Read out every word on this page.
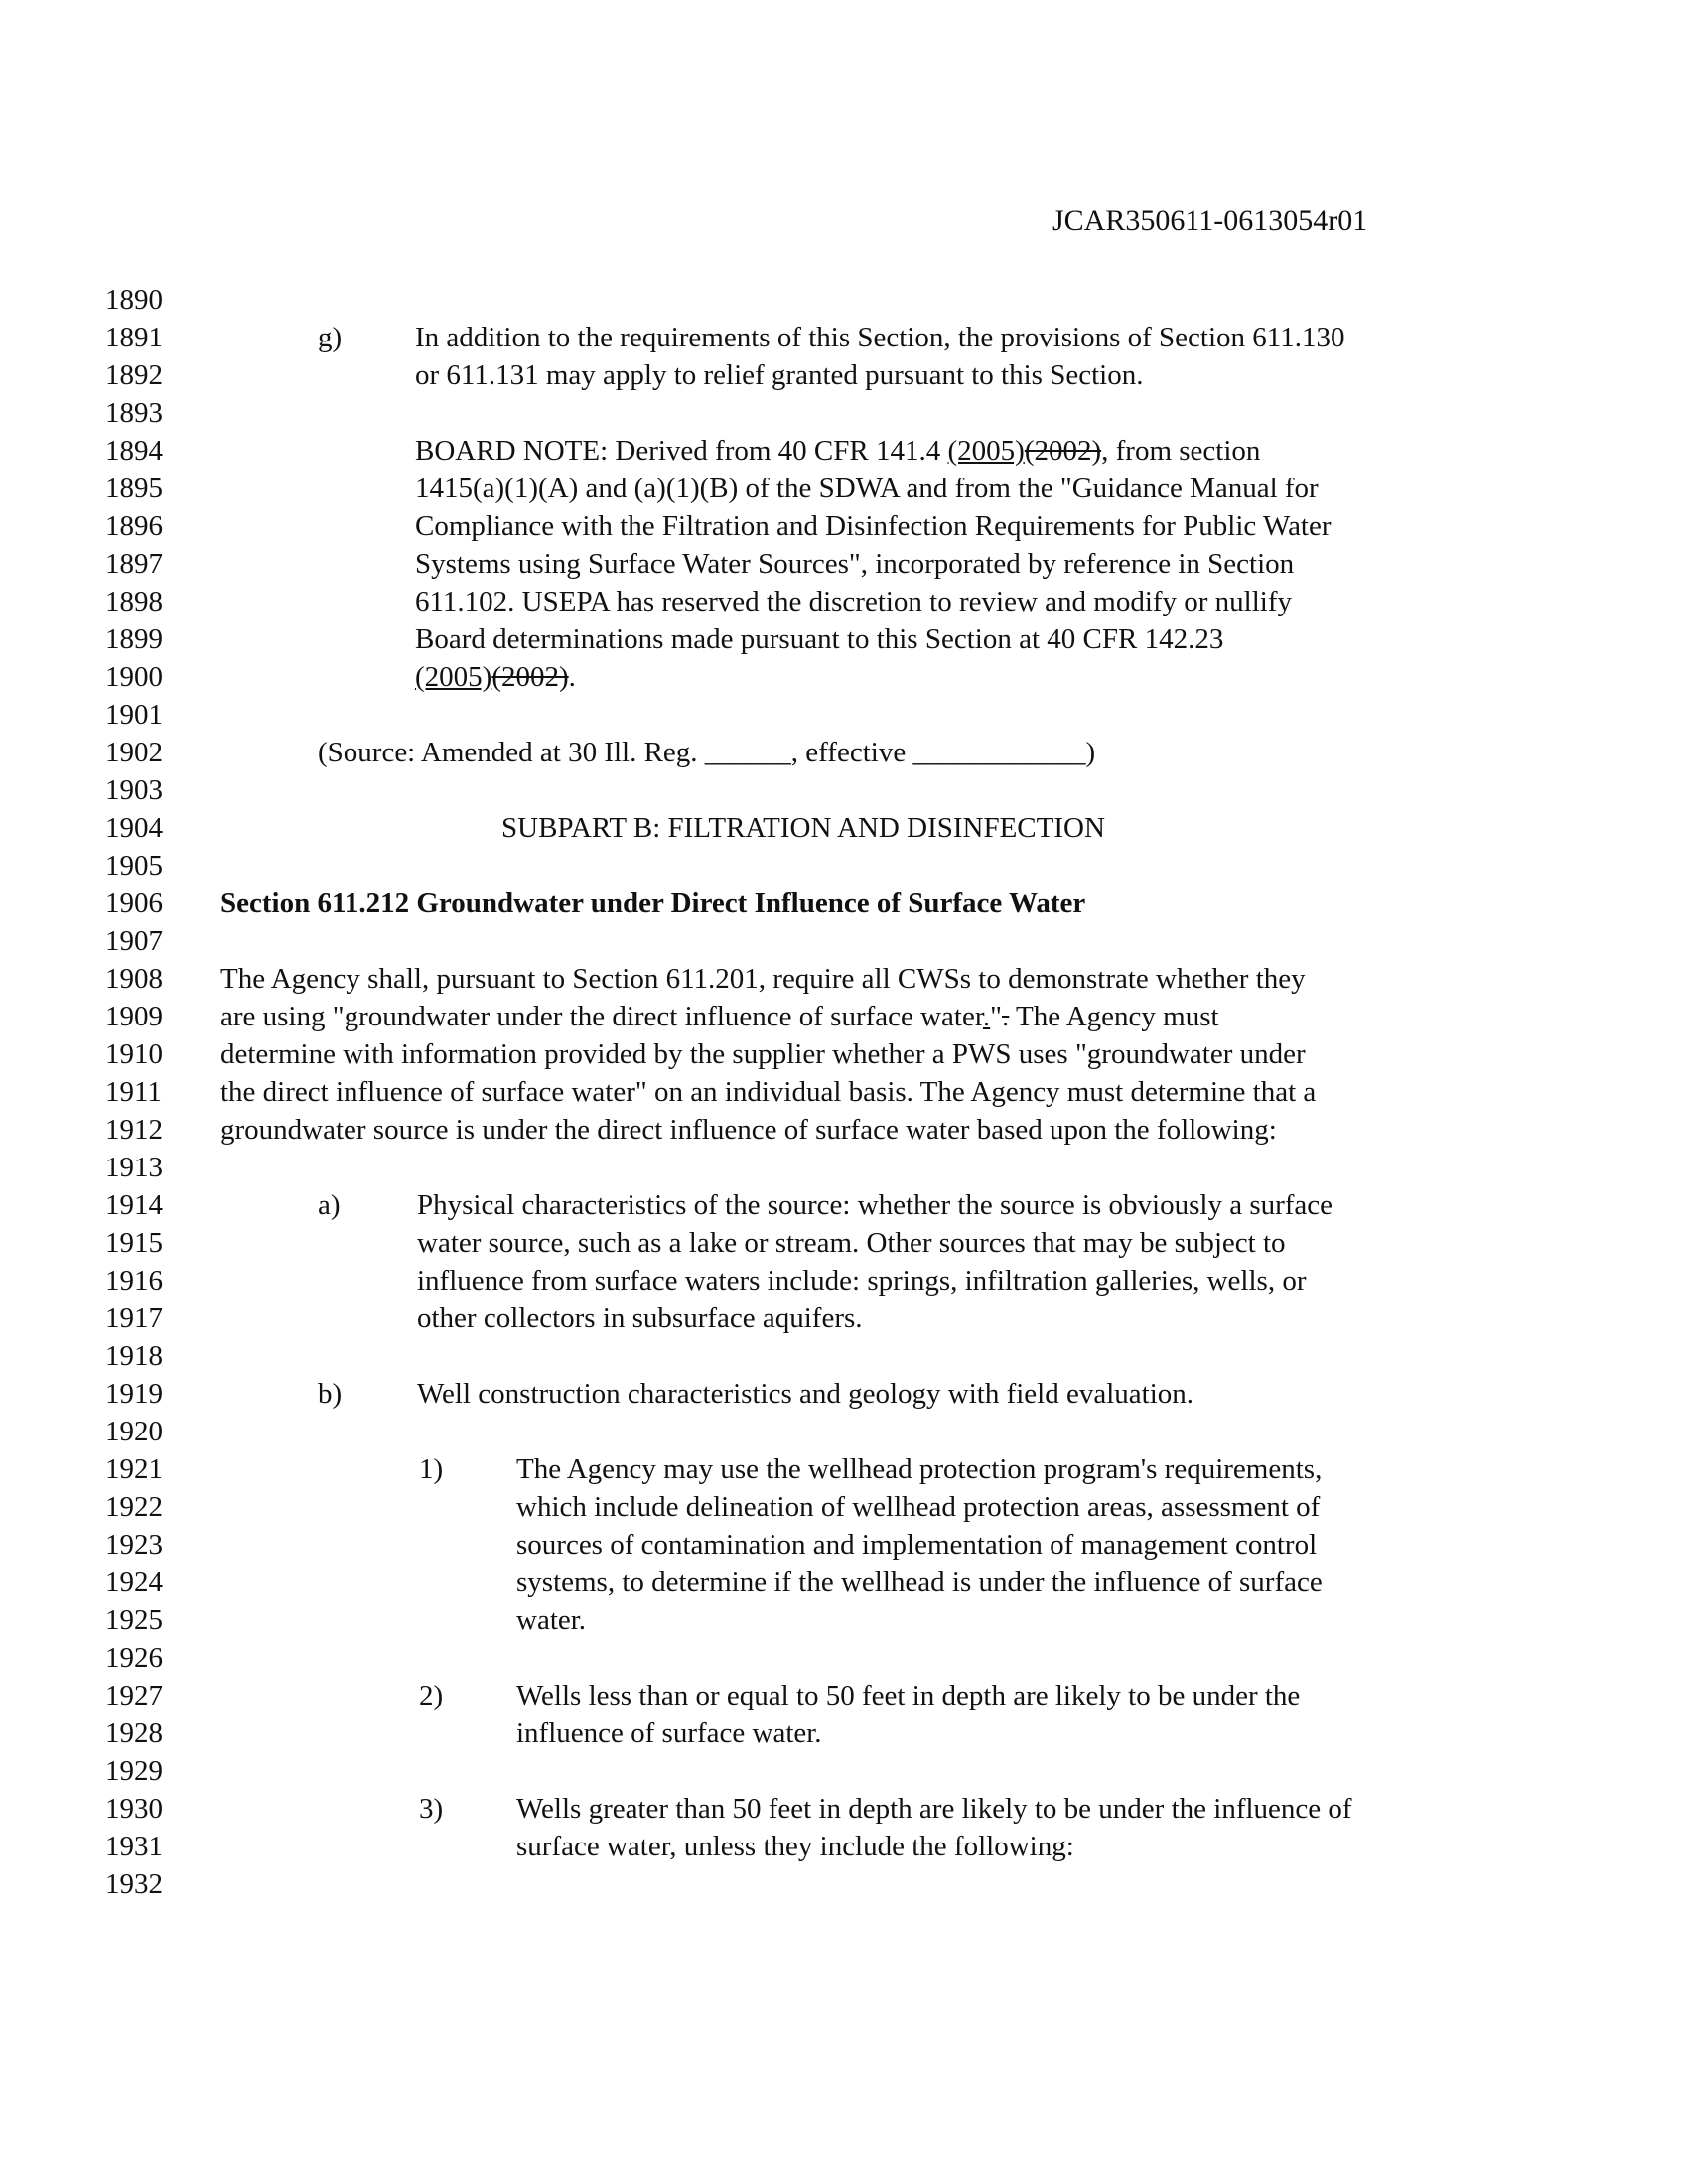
JCAR350611-0613054r01
1890
1891
1892
1893
1894
1895
1896
1897
1898
1899
1900
1901
1902
1903
1904
1905
1906
1907
1908
1909
1910
1911
1912
1913
1914
1915
1916
1917
1918
1919
1920
1921
1922
1923
1924
1925
1926
1927
1928
1929
1930
1931
1932
g)	In addition to the requirements of this Section, the provisions of Section 611.130
or 611.131 may apply to relief granted pursuant to this Section.
BOARD NOTE: Derived from 40 CFR 141.4 (2005)(2002), from section
1415(a)(1)(A) and (a)(1)(B) of the SDWA and from the "Guidance Manual for
Compliance with the Filtration and Disinfection Requirements for Public Water
Systems using Surface Water Sources", incorporated by reference in Section
611.102. USEPA has reserved the discretion to review and modify or nullify
Board determinations made pursuant to this Section at 40 CFR 142.23
(2005)(2002).
(Source: Amended at 30 Ill. Reg. ______, effective ____________)
SUBPART B: FILTRATION AND DISINFECTION
Section 611.212 Groundwater under Direct Influence of Surface Water
The Agency shall, pursuant to Section 611.201, require all CWSs to demonstrate whether they
are using "groundwater under the direct influence of surface water.". The Agency must
determine with information provided by the supplier whether a PWS uses "groundwater under
the direct influence of surface water" on an individual basis. The Agency must determine that a
groundwater source is under the direct influence of surface water based upon the following:
a)	Physical characteristics of the source: whether the source is obviously a surface
water source, such as a lake or stream. Other sources that may be subject to
influence from surface waters include: springs, infiltration galleries, wells, or
other collectors in subsurface aquifers.
b)	Well construction characteristics and geology with field evaluation.
1)	The Agency may use the wellhead protection program's requirements,
which include delineation of wellhead protection areas, assessment of
sources of contamination and implementation of management control
systems, to determine if the wellhead is under the influence of surface
water.
2)	Wells less than or equal to 50 feet in depth are likely to be under the
influence of surface water.
3)	Wells greater than 50 feet in depth are likely to be under the influence of
surface water, unless they include the following:
